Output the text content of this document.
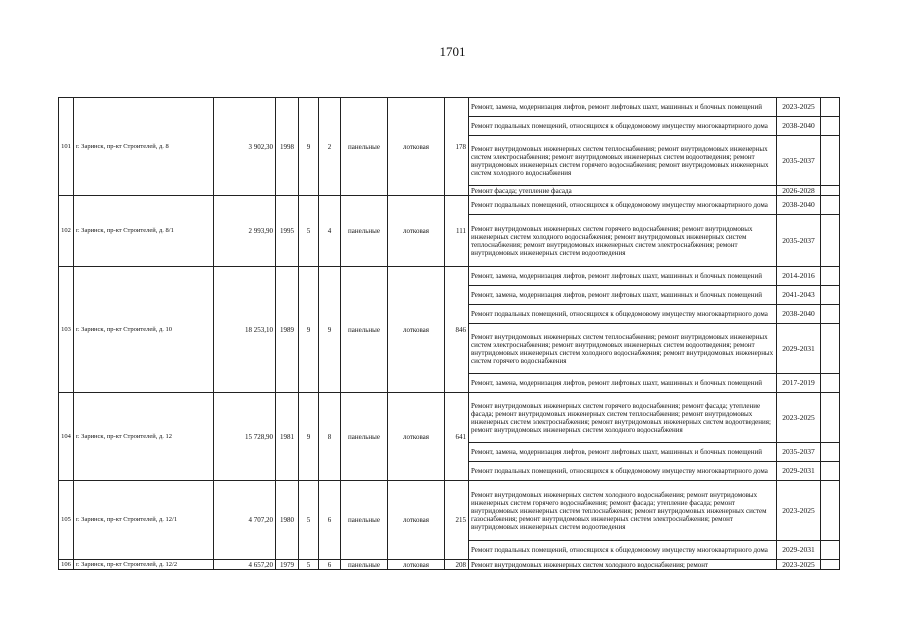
1701
101	г. Заринск, пр-кт Строителей, д. 8	3 902,30	1998	9	2	панельные	лотковая	178	Ремонт, замена, модернизация лифтов, ремонт лифтовых шахт, машинных и блочных помещений	2023-2025	
									Ремонт подвальных помещений, относящихся к общедомовому имуществу многоквартирного дома	2038-2040	
									Ремонт внутридомовых инженерных систем теплоснабжения; ремонт внутридомовых инженерных систем электроснабжения; ремонт внутридомовых инженерных систем водоотведения; ремонт внутридомовых инженерных систем горячего водоснабжения; ремонт внутридомовых инженерных систем холодного водоснабжения	2035-2037	
									Ремонт фасада; утепление фасада	2026-2028	
102	г. Заринск, пр-кт Строителей, д. 8/1	2 993,90	1995	5	4	панельные	лотковая	111	Ремонт подвальных помещений, относящихся к общедомовому имуществу многоквартирного дома	2038-2040	
									Ремонт внутридомовых инженерных систем горячего водоснабжения; ремонт внутридомовых инженерных систем холодного водоснабжения; ремонт внутридомовых инженерных систем теплоснабжения; ремонт внутридомовых инженерных систем электроснабжения; ремонт внутридомовых инженерных систем водоотведения	2035-2037	
103	г. Заринск, пр-кт Строителей, д. 10	18 253,10	1989	9	9	панельные	лотковая	846	Ремонт, замена, модернизация лифтов, ремонт лифтовых шахт, машинных и блочных помещений	2014-2016	
									Ремонт, замена, модернизация лифтов, ремонт лифтовых шахт, машинных и блочных помещений	2041-2043	
									Ремонт подвальных помещений, относящихся к общедомовому имуществу многоквартирного дома	2038-2040	
									Ремонт внутридомовых инженерных систем теплоснабжения; ремонт внутридомовых инженерных систем электроснабжения; ремонт внутридомовых инженерных систем водоотведения; ремонт внутридомовых инженерных систем холодного водоснабжения; ремонт внутридомовых инженерных систем горячего водоснабжения	2029-2031	
									Ремонт, замена, модернизация лифтов, ремонт лифтовых шахт, машинных и блочных помещений	2017-2019	
104	г. Заринск, пр-кт Строителей, д. 12	15 728,90	1981	9	8	панельные	лотковая	641	Ремонт внутридомовых инженерных систем горячего водоснабжения; ремонт фасада; утепление фасада; ремонт внутридомовых инженерных систем теплоснабжения; ремонт внутридомовых инженерных систем электроснабжения; ремонт внутридомовых инженерных систем водоотведения; ремонт внутридомовых инженерных систем холодного водоснабжения	2023-2025	
									Ремонт, замена, модернизация лифтов, ремонт лифтовых шахт, машинных и блочных помещений	2035-2037	
									Ремонт подвальных помещений, относящихся к общедомовому имуществу многоквартирного дома	2029-2031	
105	г. Заринск, пр-кт Строителей, д. 12/1	4 707,20	1980	5	6	панельные	лотковая	215	Ремонт внутридомовых инженерных систем холодного водоснабжения; ремонт внутридомовых инженерных систем горячего водоснабжения; ремонт фасада; утепление фасада; ремонт внутридомовых инженерных систем теплоснабжения; ремонт внутридомовых инженерных систем газоснабжения; ремонт внутридомовых инженерных систем электроснабжения; ремонт внутридомовых инженерных систем водоотведения	2023-2025	
									Ремонт подвальных помещений, относящихся к общедомовому имуществу многоквартирного дома	2029-2031	
106	г. Заринск, пр-кт Строителей, д. 12/2	4 657,20	1979	5	6	панельные	лотковая	208	Ремонт внутридомовых инженерных систем холодного водоснабжения; ремонт	2023-2025	
